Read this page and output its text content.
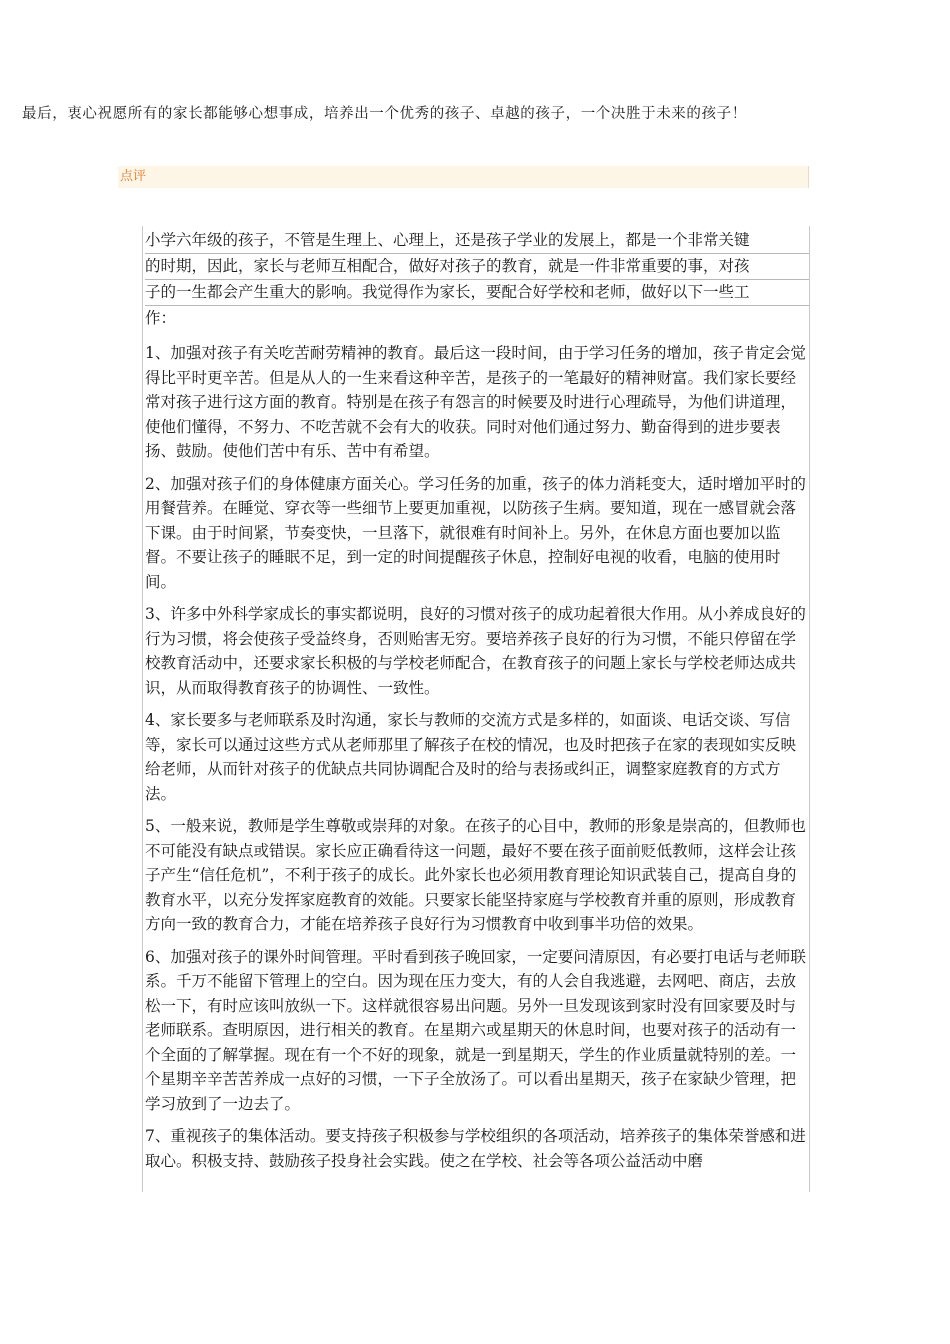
最后，衷心祝愿所有的家长都能够心想事成，培养出一个优秀的孩子、卓越的孩子，一个决胜于未来的孩子！
点评
小学六年级的孩子，不管是生理上、心理上，还是孩子学业的发展上，都是一个非常关键
的时期，因此，家长与老师互相配合，做好对孩子的教育，就是一件非常重要的事，对孩
子的一生都会产生重大的影响。我觉得作为家长，要配合好学校和老师，做好以下一些工
作：

1、加强对孩子有关吃苦耐劳精神的教育。最后这一段时间，由于学习任务的增加，孩子肯定会觉得比平时更辛苦。但是从人的一生来看这种辛苦，是孩子的一笔最好的精神财富。我们家长要经常对孩子进行这方面的教育。特别是在孩子有怨言的时候要及时进行心理疏导，为他们讲道理，使他们懂得，不努力、不吃苦就不会有大的收获。同时对他们通过努力、勤奋得到的进步要表扬、鼓励。使他们苦中有乐、苦中有希望。

2、加强对孩子们的身体健康方面关心。学习任务的加重，孩子的体力消耗变大，适时增加平时的用餐营养。在睡觉、穿衣等一些细节上要更加重视，以防孩子生病。要知道，现在一感冒就会落下课。由于时间紧，节奏变快，一旦落下，就很难有时间补上。另外，在休息方面也要加以监督。不要让孩子的睡眠不足，到一定的时间提醒孩子休息，控制好电视的收看，电脑的使用时间。

3、许多中外科学家成长的事实都说明，良好的习惯对孩子的成功起着很大作用。从小养成良好的行为习惯，将会使孩子受益终身，否则贻害无穷。要培养孩子良好的行为习惯，不能只停留在学校教育活动中，还要求家长积极的与学校老师配合，在教育孩子的问题上家长与学校老师达成共识，从而取得教育孩子的协调性、一致性。

4、家长要多与老师联系及时沟通，家长与教师的交流方式是多样的，如面谈、电话交谈、写信等，家长可以通过这些方式从老师那里了解孩子在校的情况，也及时把孩子在家的表现如实反映给老师，从而针对孩子的优缺点共同协调配合及时的给与表扬或纠正，调整家庭教育的方式方法。

5、一般来说，教师是学生尊敬或崇拜的对象。在孩子的心目中，教师的形象是崇高的，但教师也不可能没有缺点或错误。家长应正确看待这一问题，最好不要在孩子面前贬低教师，这样会让孩子产生“信任危机”，不利于孩子的成长。此外家长也必须用教育理论知识武装自己，提高自身的教育水平，以充分发挥家庭教育的效能。只要家长能坚持家庭与学校教育并重的原则，形成教育方向一致的教育合力，才能在培养孩子良好行为习惯教育中收到事半功倍的效果。

6、加强对孩子的课外时间管理。平时看到孩子晚回家，一定要问清原因，有必要打电话与老师联系。千万不能留下管理上的空白。因为现在压力变大，有的人会自我逃避，去网吧、商店，去放松一下，有时应该叫放纵一下。这样就很容易出问题。另外一旦发现该到家时没有回家要及时与老师联系。查明原因，进行相关的教育。在星期六或星期天的休息时间，也要对孩子的活动有一个全面的了解掌握。现在有一个不好的现象，就是一到星期天，学生的作业质量就特别的差。一个星期辛辛苦苦养成一点好的习惯，一下子全放汤了。可以看出星期天，孩子在家缺少管理，把学习放到了一边去了。

7、重视孩子的集体活动。要支持孩子积极参与学校组织的各项活动，培养孩子的集体荣誉感和进取心。积极支持、鼓励孩子投身社会实践。使之在学校、社会等各项公益活动中磨
